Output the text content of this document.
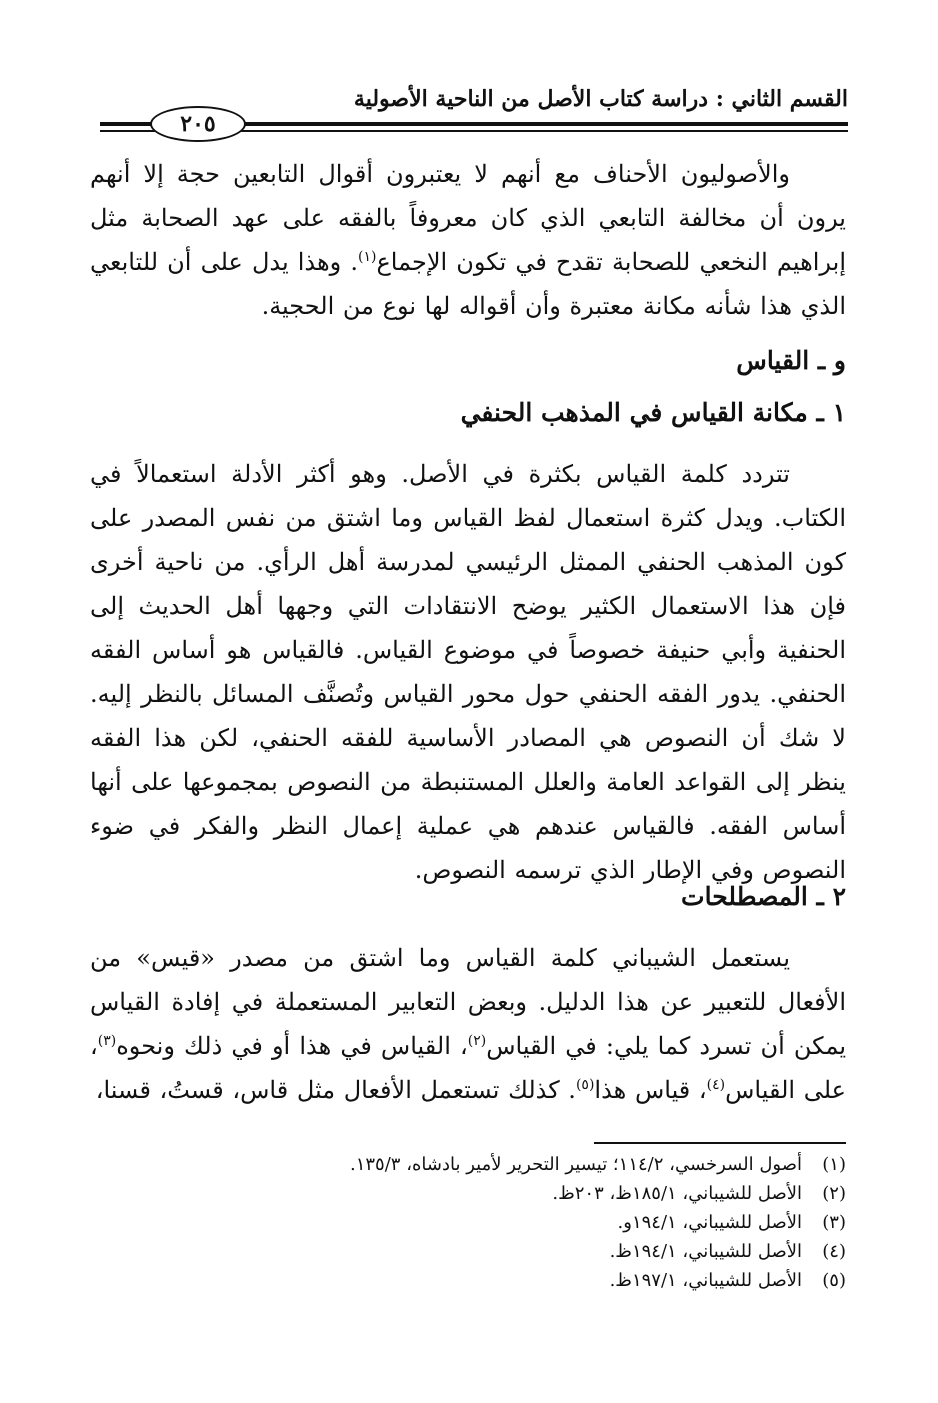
القسم الثاني : دراسة كتاب الأصل من الناحية الأصولية
٢٠٥

والأصوليون الأحناف مع أنهم لا يعتبرون أقوال التابعين حجة إلا أنهم يرون أن مخالفة التابعي الذي كان معروفاً بالفقه على عهد الصحابة مثل إبراهيم النخعي للصحابة تقدح في تكون الإجماع$^{(١)}$. وهذا يدل على أن للتابعي الذي هذا شأنه مكانة معتبرة وأن أقواله لها نوع من الحجية.

و ـ القياس
١ ـ مكانة القياس في المذهب الحنفي

تتردد كلمة القياس بكثرة في الأصل. وهو أكثر الأدلة استعمالاً في الكتاب. ويدل كثرة استعمال لفظ القياس وما اشتق من نفس المصدر على كون المذهب الحنفي الممثل الرئيسي لمدرسة أهل الرأي. من ناحية أخرى فإن هذا الاستعمال الكثير يوضح الانتقادات التي وجهها أهل الحديث إلى الحنفية وأبي حنيفة خصوصاً في موضوع القياس. فالقياس هو أساس الفقه الحنفي. يدور الفقه الحنفي حول محور القياس وتُصنَّف المسائل بالنظر إليه. لا شك أن النصوص هي المصادر الأساسية للفقه الحنفي، لكن هذا الفقه ينظر إلى القواعد العامة والعلل المستنبطة من النصوص بمجموعها على أنها أساس الفقه. فالقياس عندهم هي عملية إعمال النظر والفكر في ضوء النصوص وفي الإطار الذي ترسمه النصوص.

٢ ـ المصطلحات

يستعمل الشيباني كلمة القياس وما اشتق من مصدر «قيس» من الأفعال للتعبير عن هذا الدليل. وبعض التعابير المستعملة في إفادة القياس يمكن أن تسرد كما يلي: في القياس$^{(٢)}$، القياس في هذا أو في ذلك ونحوه$^{(٣)}$، على القياس$^{(٤)}$، قياس هذا$^{(٥)}$. كذلك تستعمل الأفعال مثل قاس، قستُ، قسنا،

(١)أصول السرخسي، ١١٤/٢؛ تيسير التحرير لأمير بادشاه، ١٣٥/٣.
(٢)الأصل للشيباني، ١٨٥/١ظ، ٢٠٣ظ.
(٣)الأصل للشيباني، ١٩٤/١و.
(٤)الأصل للشيباني، ١٩٤/١ظ.
(٥)الأصل للشيباني، ١٩٧/١ظ.
